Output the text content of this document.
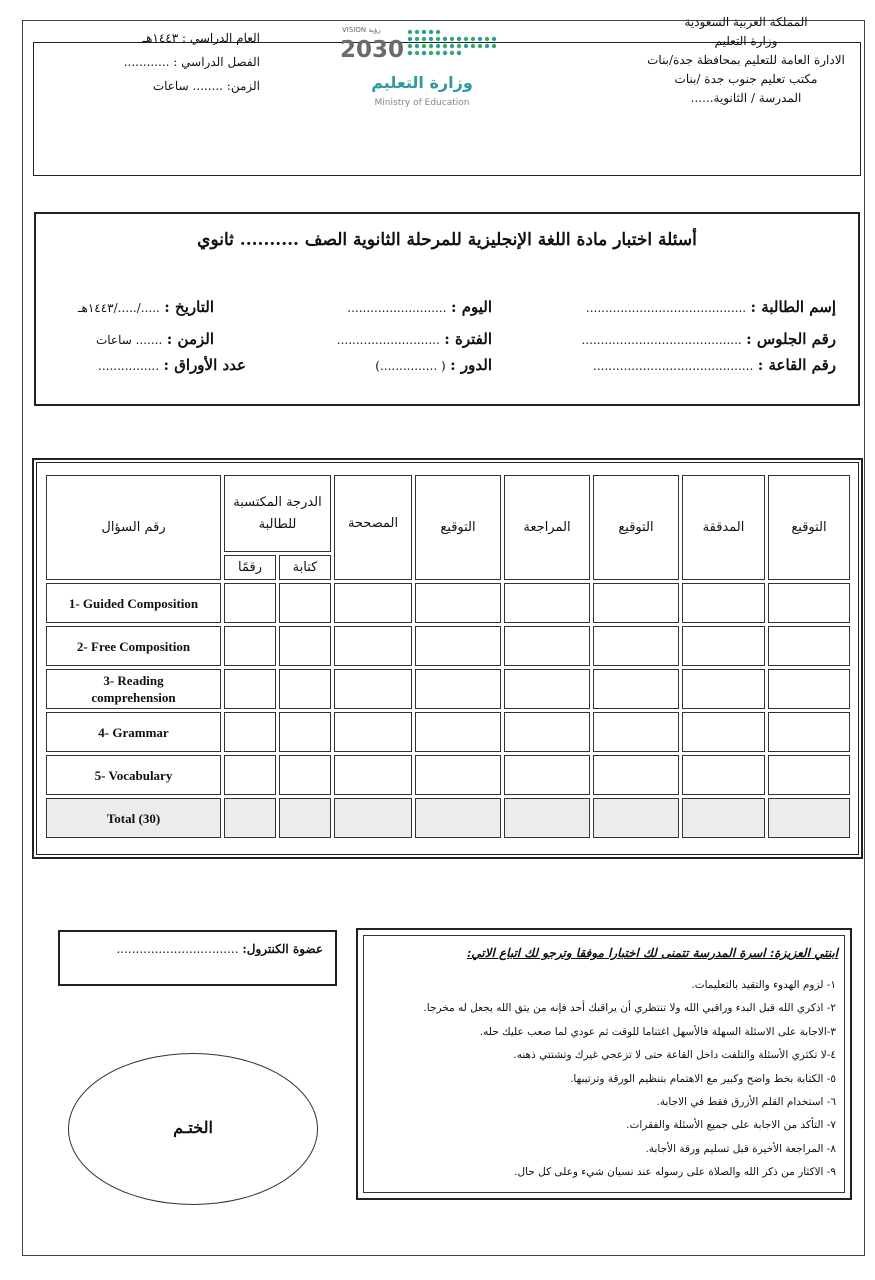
المملكة العربية السعودية
وزارة التعليم
الادارة العامة للتعليم بمحافظة جدة/بنات
مكتب تعليم جنوب جدة /بنات
المدرسة / الثانوية......
العام الدراسي : ١٤٤٣هـ
الفصل الدراسي : ............
الزمن: ........ ساعات
VISION رؤية
2030
وزارة التعليم
Ministry of Education
أسئلة اختبار مادة اللغة الإنجليزية للمرحلة الثانوية الصف .......... ثانوي
إسم الطالبة : ..........................................
اليوم : ..........................
التاريخ : ...../...../١٤٤٣هـ
رقم الجلوس : ..........................................
الفترة : ...........................
الزمن : ....... ساعات
رقم القاعة : ..........................................
الدور : ( ...............)
عدد الأوراق : ................
التوقيع	المدققة	التوقيع	المراجعة	التوقيع	المصححة	الدرجة المكتسبة للطالبة		رقم السؤال
						كتابة	رقمًا	
								1- Guided Composition
								2- Free Composition
								3- Reading comprehension
								4- Grammar
								5- Vocabulary
								Total (30)
عضوة الكنترول: ................................
الختـم
ابنتي العزيزة: اسرة المدرسة تتمنى لك اختبارا موفقا وترجو لك اتباع الاتي:
١- لزوم الهدوء والتقيد بالتعليمات.
٢- اذكري الله قبل البدء وراقبي الله ولا تنتظري أن يراقبك أحد فإنه من يتق الله يجعل له مخرجا.
٣-الاجابة على الاسئلة السهلة فالأسهل اغتناما للوقت ثم عودي لما صعب عليك حله.
٤-لا تكثري الأسئلة والتلفت داخل القاعة حتى لا تزعجي غيرك وتشتتي ذهنه.
٥- الكتابة بخط واضح وكبير مع الاهتمام بتنظيم الورقة وترتيبها.
٦- استخدام القلم الأزرق فقط في الاجابة.
٧- التأكد من الاجابة على جميع الأسئلة والفقرات.
٨- المراجعة الأخيرة قبل تسليم ورقة الأجابة.
٩- الاكثار من ذكر الله والصلاة على رسوله عند نسيان شيء وعلى كل حال.
